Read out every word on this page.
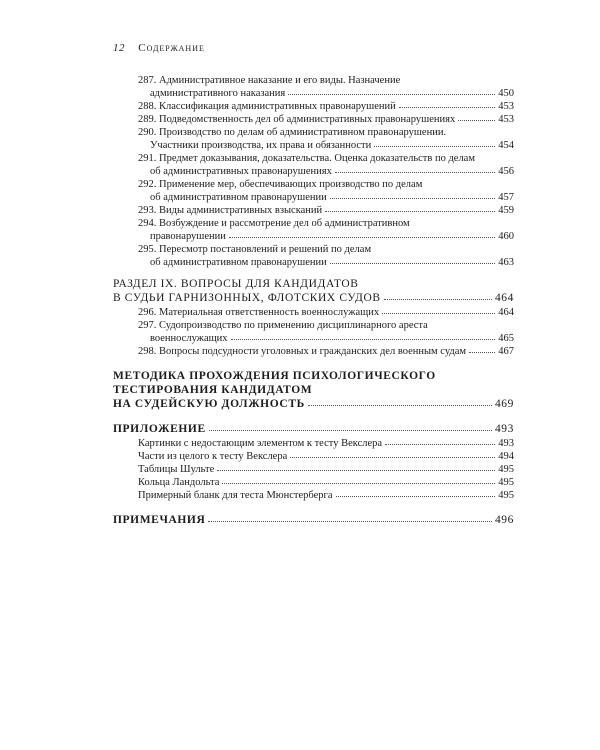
12 Содержание
287. Административное наказание и его виды. Назначение
административного наказания	450
288. Классификация административных правонарушений	453
289. Подведомственность дел об административных правонарушениях	453
290. Производство по делам об административном правонарушении.
Участники производства, их права и обязанности	454
291. Предмет доказывания, доказательства. Оценка доказательств по делам
об административных правонарушениях	456
292. Применение мер, обеспечивающих производство по делам
об административном правонарушении	457
293. Виды административных взысканий	459
294. Возбуждение и рассмотрение дел об административном
правонарушении	460
295. Пересмотр постановлений и решений по делам
об административном правонарушении	463
РАЗДЕЛ IX. ВОПРОСЫ ДЛЯ КАНДИДАТОВ
В СУДЬИ ГАРНИЗОННЫХ, ФЛОТСКИХ СУДОВ	464
296. Материальная ответственность военнослужащих	464
297. Судопроизводство по применению дисциплинарного ареста
военнослужащих	465
298. Вопросы подсудности уголовных и гражданских дел военным судам	467
МЕТОДИКА ПРОХОЖДЕНИЯ ПСИХОЛОГИЧЕСКОГО
ТЕСТИРОВАНИЯ КАНДИДАТОМ
НА СУДЕЙСКУЮ ДОЛЖНОСТЬ	469
ПРИЛОЖЕНИЕ	493
Картинки с недостающим элементом к тесту Векслера	493
Части из целого к тесту Векслера	494
Таблицы Шульте	495
Кольца Ландольта	495
Примерный бланк для теста Мюнстерберга	495
ПРИМЕЧАНИЯ	496
